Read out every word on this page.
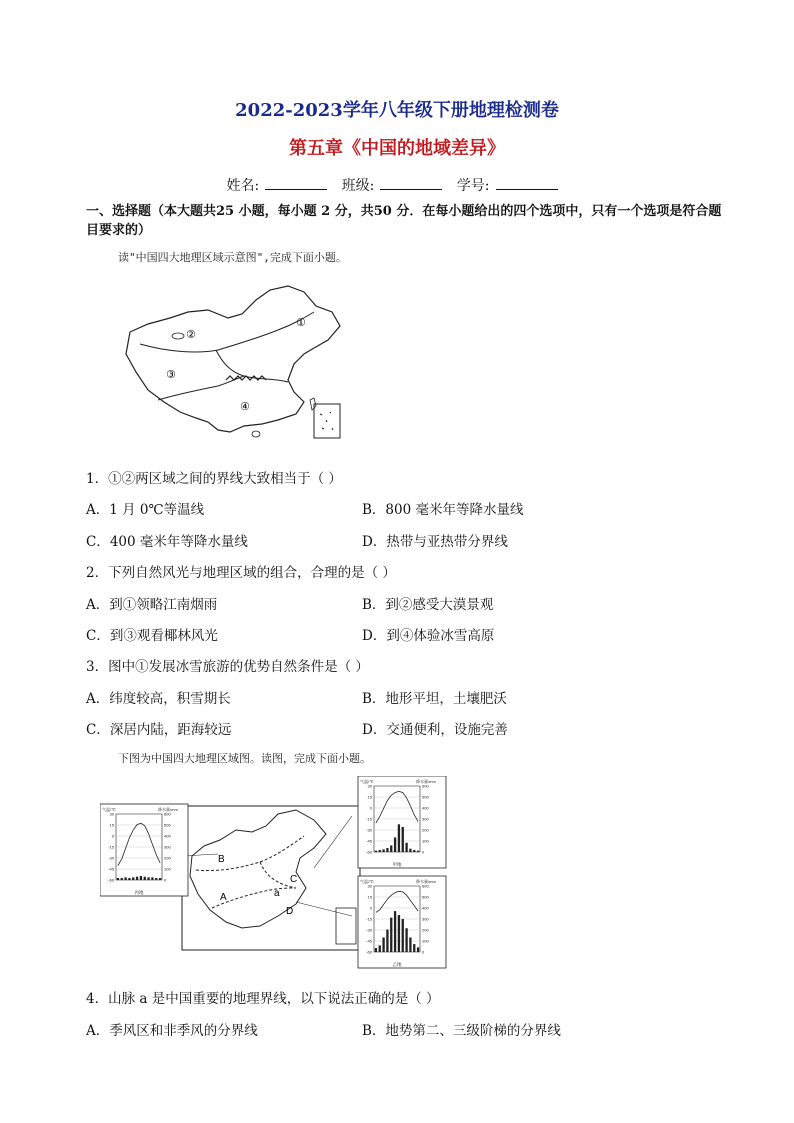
2022-2023学年八年级下册地理检测卷
第五章《中国的地域差异》
姓名:	班级:	学号:
一、选择题（本大题共25 小题，每小题 2 分，共50 分．在每小题给出的四个选项中，只有一个选项是符合题目要求的）
读"中国四大地理区域示意图",完成下面小题。
①
②
③
④
1．①②两区域之间的界线大致相当于（ ）
A．1 月 0℃等温线	B．800 毫米年等降水量线
C．400 毫米年等降水量线	D．热带与亚热带分界线
2．下列自然风光与地理区域的组合，合理的是（ ）
A．到①领略江南烟雨	B．到②感受大漠景观
C．到③观看椰林风光	D．到④体验冰雪高原
3．图中①发展冰雪旅游的优势自然条件是（ ）
A．纬度较高，积雪期长	B．地形平坦，土壤肥沃
C．深居内陆，距海较远	D．交通便利，设施完善
下图为中国四大地理区域图。读图，完成下面小题。
A
B
C
D
a
气温/℃	降水量/mm
30
15
0
-15
-30
-45
-60
600
500
400
300
200
100
0
丙地
气温/℃	降水量/mm
30
15
0
-15
-30
-45
-60
600
500
400
300
200
100
0
甲地
气温/℃	降水量/mm
30
15
0
-15
-30
-45
-60
600
500
400
300
200
100
0
乙地
4．山脉 a 是中国重要的地理界线，以下说法正确的是（ ）
A．季风区和非季风的分界线	B．地势第二、三级阶梯的分界线
